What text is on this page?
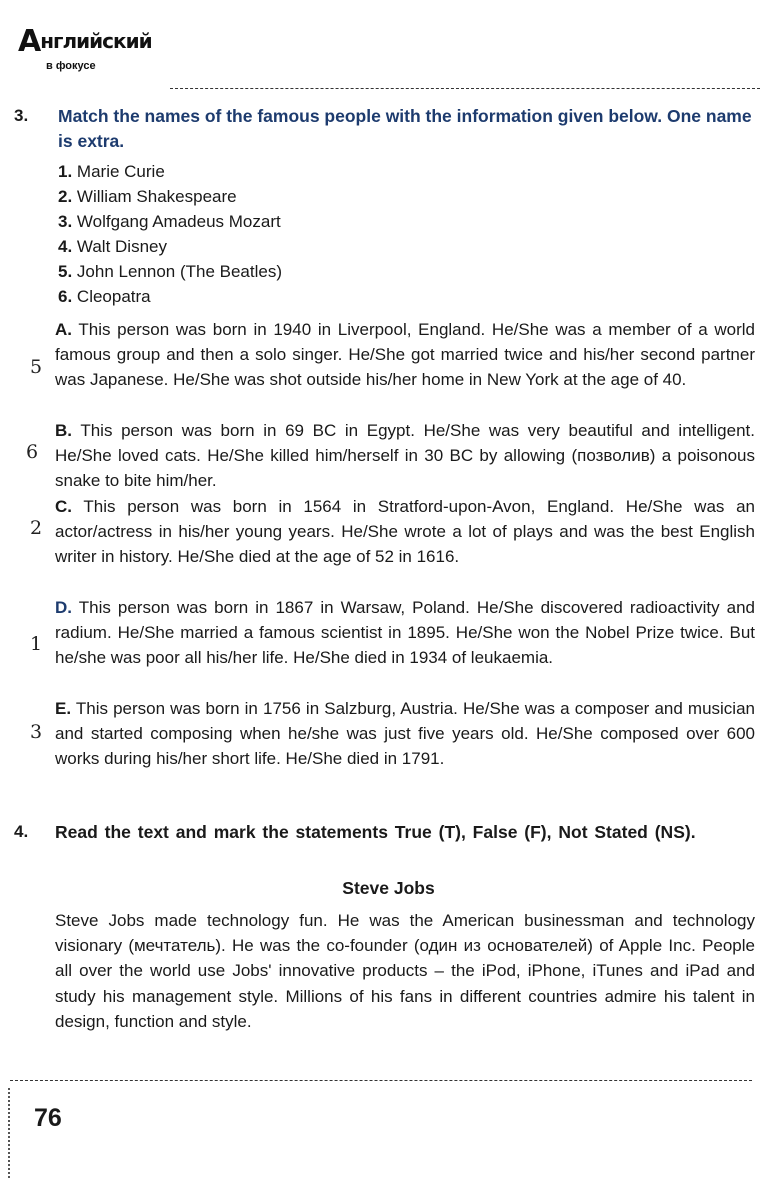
Английский
в фокусе
3. Match the names of the famous people with the information given below. One name is extra.
1. Marie Curie
2. William Shakespeare
3. Wolfgang Amadeus Mozart
4. Walt Disney
5. John Lennon (The Beatles)
6. Cleopatra
A. This person was born in 1940 in Liverpool, England. He/She was a member of a world famous group and then a solo singer. He/She got married twice and his/her second partner was Japanese. He/She was shot outside his/her home in New York at the age of 40.
5
B. This person was born in 69 BC in Egypt. He/She was very beautiful and intelligent. He/She loved cats. He/She killed him/herself in 30 BC by allowing (позволив) a poisonous snake to bite him/her.
6
C. This person was born in 1564 in Stratford-upon-Avon, England. He/She was an actor/actress in his/her young years. He/She wrote a lot of plays and was the best English writer in history. He/She died at the age of 52 in 1616.
2
D. This person was born in 1867 in Warsaw, Poland. He/She discovered radioactivity and radium. He/She married a famous scientist in 1895. He/She won the Nobel Prize twice. But he/she was poor all his/her life. He/She died in 1934 of leukaemia.
1
E. This person was born in 1756 in Salzburg, Austria. He/She was a composer and musician and started composing when he/she was just five years old. He/She composed over 600 works during his/her short life. He/She died in 1791.
3
4. Read the text and mark the statements True (T), False (F), Not Stated (NS).
Steve Jobs
Steve Jobs made technology fun. He was the American businessman and technology visionary (мечтатель). He was the co-founder (один из основателей) of Apple Inc. People all over the world use Jobs' innovative products – the iPod, iPhone, iTunes and iPad and study his management style. Millions of his fans in different countries admire his talent in design, function and style.
76
